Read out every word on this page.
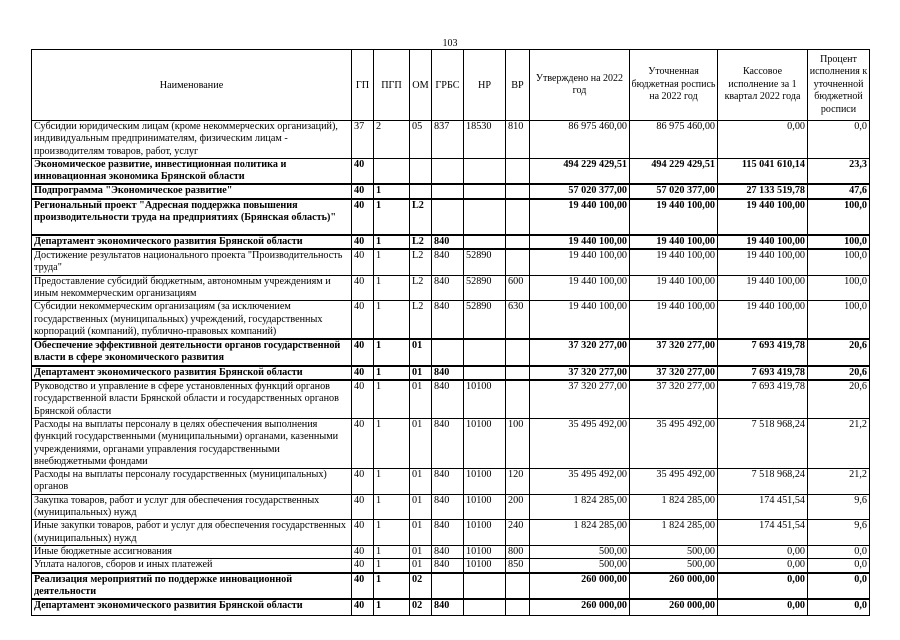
103
Наименование	ГП	ПГП	ОМ	ГРБС	НР	ВР	Утверждено на 2022 год	Уточненная бюджетная роспись на 2022 год	Кассовое исполнение за 1 квартал 2022 года	Процент исполнения к уточненной бюджетной росписи
Субсидии юридическим лицам (кроме некоммерческих организаций), индивидуальным предпринимателям, физическим лицам - производителям товаров, работ, услуг	37	2	05	837	18530	810	86 975 460,00	86 975 460,00	0,00	0,0
Экономическое развитие, инвестиционная политика и инновационная экономика Брянской области	40						494 229 429,51	494 229 429,51	115 041 610,14	23,3
Подпрограмма "Экономическое развитие"	40	1					57 020 377,00	57 020 377,00	27 133 519,78	47,6
Региональный проект "Адресная поддержка повышения производительности труда на предприятиях (Брянская область)"	40	1	L2				19 440 100,00	19 440 100,00	19 440 100,00	100,0
Департамент экономического развития Брянской области	40	1	L2	840			19 440 100,00	19 440 100,00	19 440 100,00	100,0
Достижение результатов национального проекта "Производительность труда"	40	1	L2	840	52890		19 440 100,00	19 440 100,00	19 440 100,00	100,0
Предоставление субсидий бюджетным, автономным учреждениям и иным некоммерческим организациям	40	1	L2	840	52890	600	19 440 100,00	19 440 100,00	19 440 100,00	100,0
Субсидии некоммерческим организациям (за исключением государственных (муниципальных) учреждений, государственных корпораций (компаний), публично-правовых компаний)	40	1	L2	840	52890	630	19 440 100,00	19 440 100,00	19 440 100,00	100,0
Обеспечение эффективной деятельности органов государственной власти в сфере экономического развития	40	1	01				37 320 277,00	37 320 277,00	7 693 419,78	20,6
Департамент экономического развития Брянской области	40	1	01	840			37 320 277,00	37 320 277,00	7 693 419,78	20,6
Руководство и управление в сфере установленных функций органов государственной власти Брянской области и государственных органов Брянской области	40	1	01	840	10100		37 320 277,00	37 320 277,00	7 693 419,78	20,6
Расходы на выплаты персоналу в целях обеспечения выполнения функций государственными (муниципальными) органами, казенными учреждениями, органами управления государственными внебюджетными фондами	40	1	01	840	10100	100	35 495 492,00	35 495 492,00	7 518 968,24	21,2
Расходы на выплаты персоналу государственных (муниципальных) органов	40	1	01	840	10100	120	35 495 492,00	35 495 492,00	7 518 968,24	21,2
Закупка товаров, работ и услуг для обеспечения государственных (муниципальных) нужд	40	1	01	840	10100	200	1 824 285,00	1 824 285,00	174 451,54	9,6
Иные закупки товаров, работ и услуг для обеспечения государственных (муниципальных) нужд	40	1	01	840	10100	240	1 824 285,00	1 824 285,00	174 451,54	9,6
Иные бюджетные ассигнования	40	1	01	840	10100	800	500,00	500,00	0,00	0,0
Уплата налогов, сборов и иных платежей	40	1	01	840	10100	850	500,00	500,00	0,00	0,0
Реализация мероприятий по поддержке инновационной деятельности	40	1	02				260 000,00	260 000,00	0,00	0,0
Департамент экономического развития Брянской области	40	1	02	840			260 000,00	260 000,00	0,00	0,0
